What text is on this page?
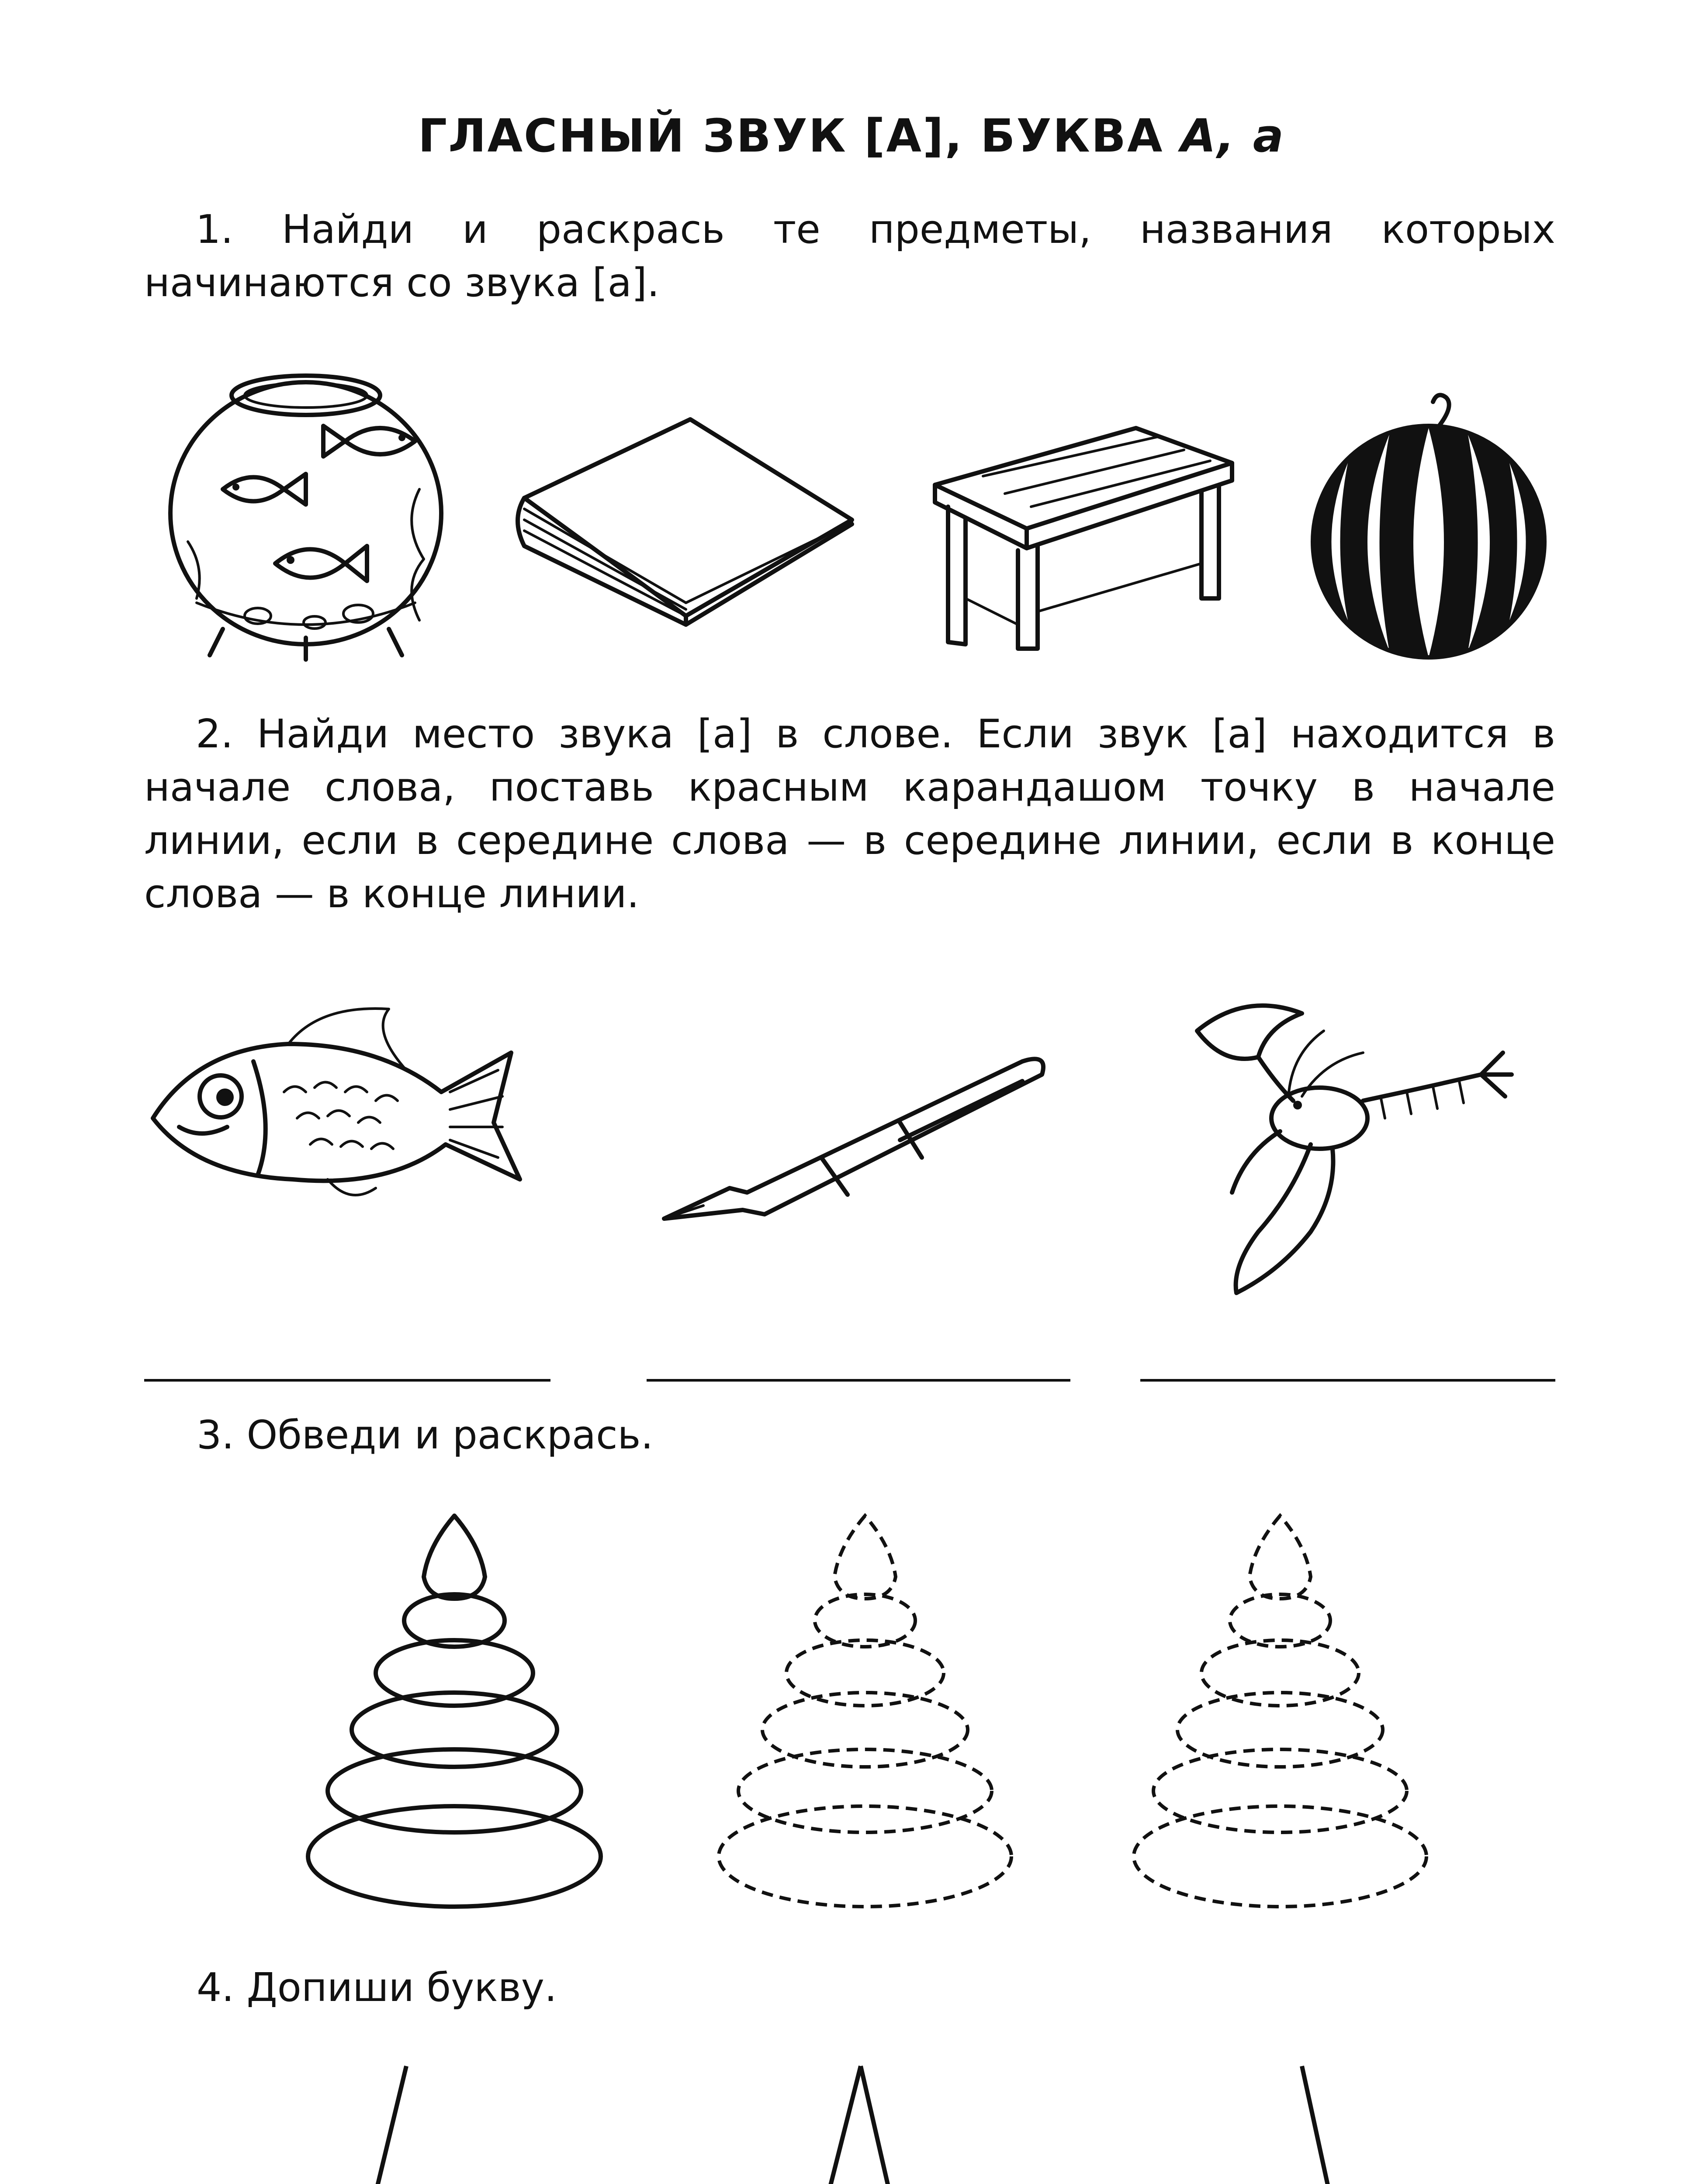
ГЛАСНЫЙ ЗВУК [А], БУКВА А, а

1. Найди и раскрась те предметы, названия которых начинаются со звука [а].

2. Найди место звука [а] в слове. Если звук [а] находится в начале слова, поставь красным карандашом точку в начале линии, если в середине слова — в середине линии, если в конце слова — в конце линии.

3. Обведи и раскрась.

4. Допиши букву.
